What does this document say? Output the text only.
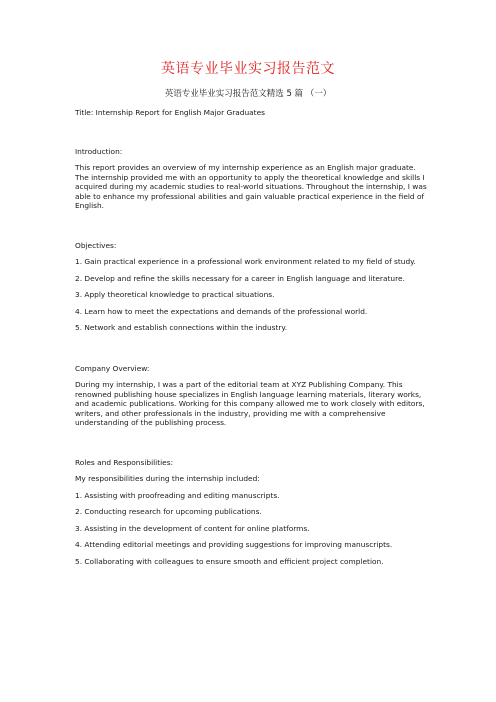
英语专业毕业实习报告范文
英语专业毕业实习报告范文精选 5 篇 （一）

Title: Internship Report for English Major Graduates

Introduction:

This report provides an overview of my internship experience as an English major graduate. The internship provided me with an opportunity to apply the theoretical knowledge and skills I acquired during my academic studies to real-world situations. Throughout the internship, I was able to enhance my professional abilities and gain valuable practical experience in the field of English.

Objectives:

1. Gain practical experience in a professional work environment related to my field of study.

2. Develop and refine the skills necessary for a career in English language and literature.

3. Apply theoretical knowledge to practical situations.

4. Learn how to meet the expectations and demands of the professional world.

5. Network and establish connections within the industry.

Company Overview:

During my internship, I was a part of the editorial team at XYZ Publishing Company. This renowned publishing house specializes in English language learning materials, literary works, and academic publications. Working for this company allowed me to work closely with editors, writers, and other professionals in the industry, providing me with a comprehensive understanding of the publishing process.

Roles and Responsibilities:

My responsibilities during the internship included:

1. Assisting with proofreading and editing manuscripts.

2. Conducting research for upcoming publications.

3. Assisting in the development of content for online platforms.

4. Attending editorial meetings and providing suggestions for improving manuscripts.

5. Collaborating with colleagues to ensure smooth and efficient project completion.
